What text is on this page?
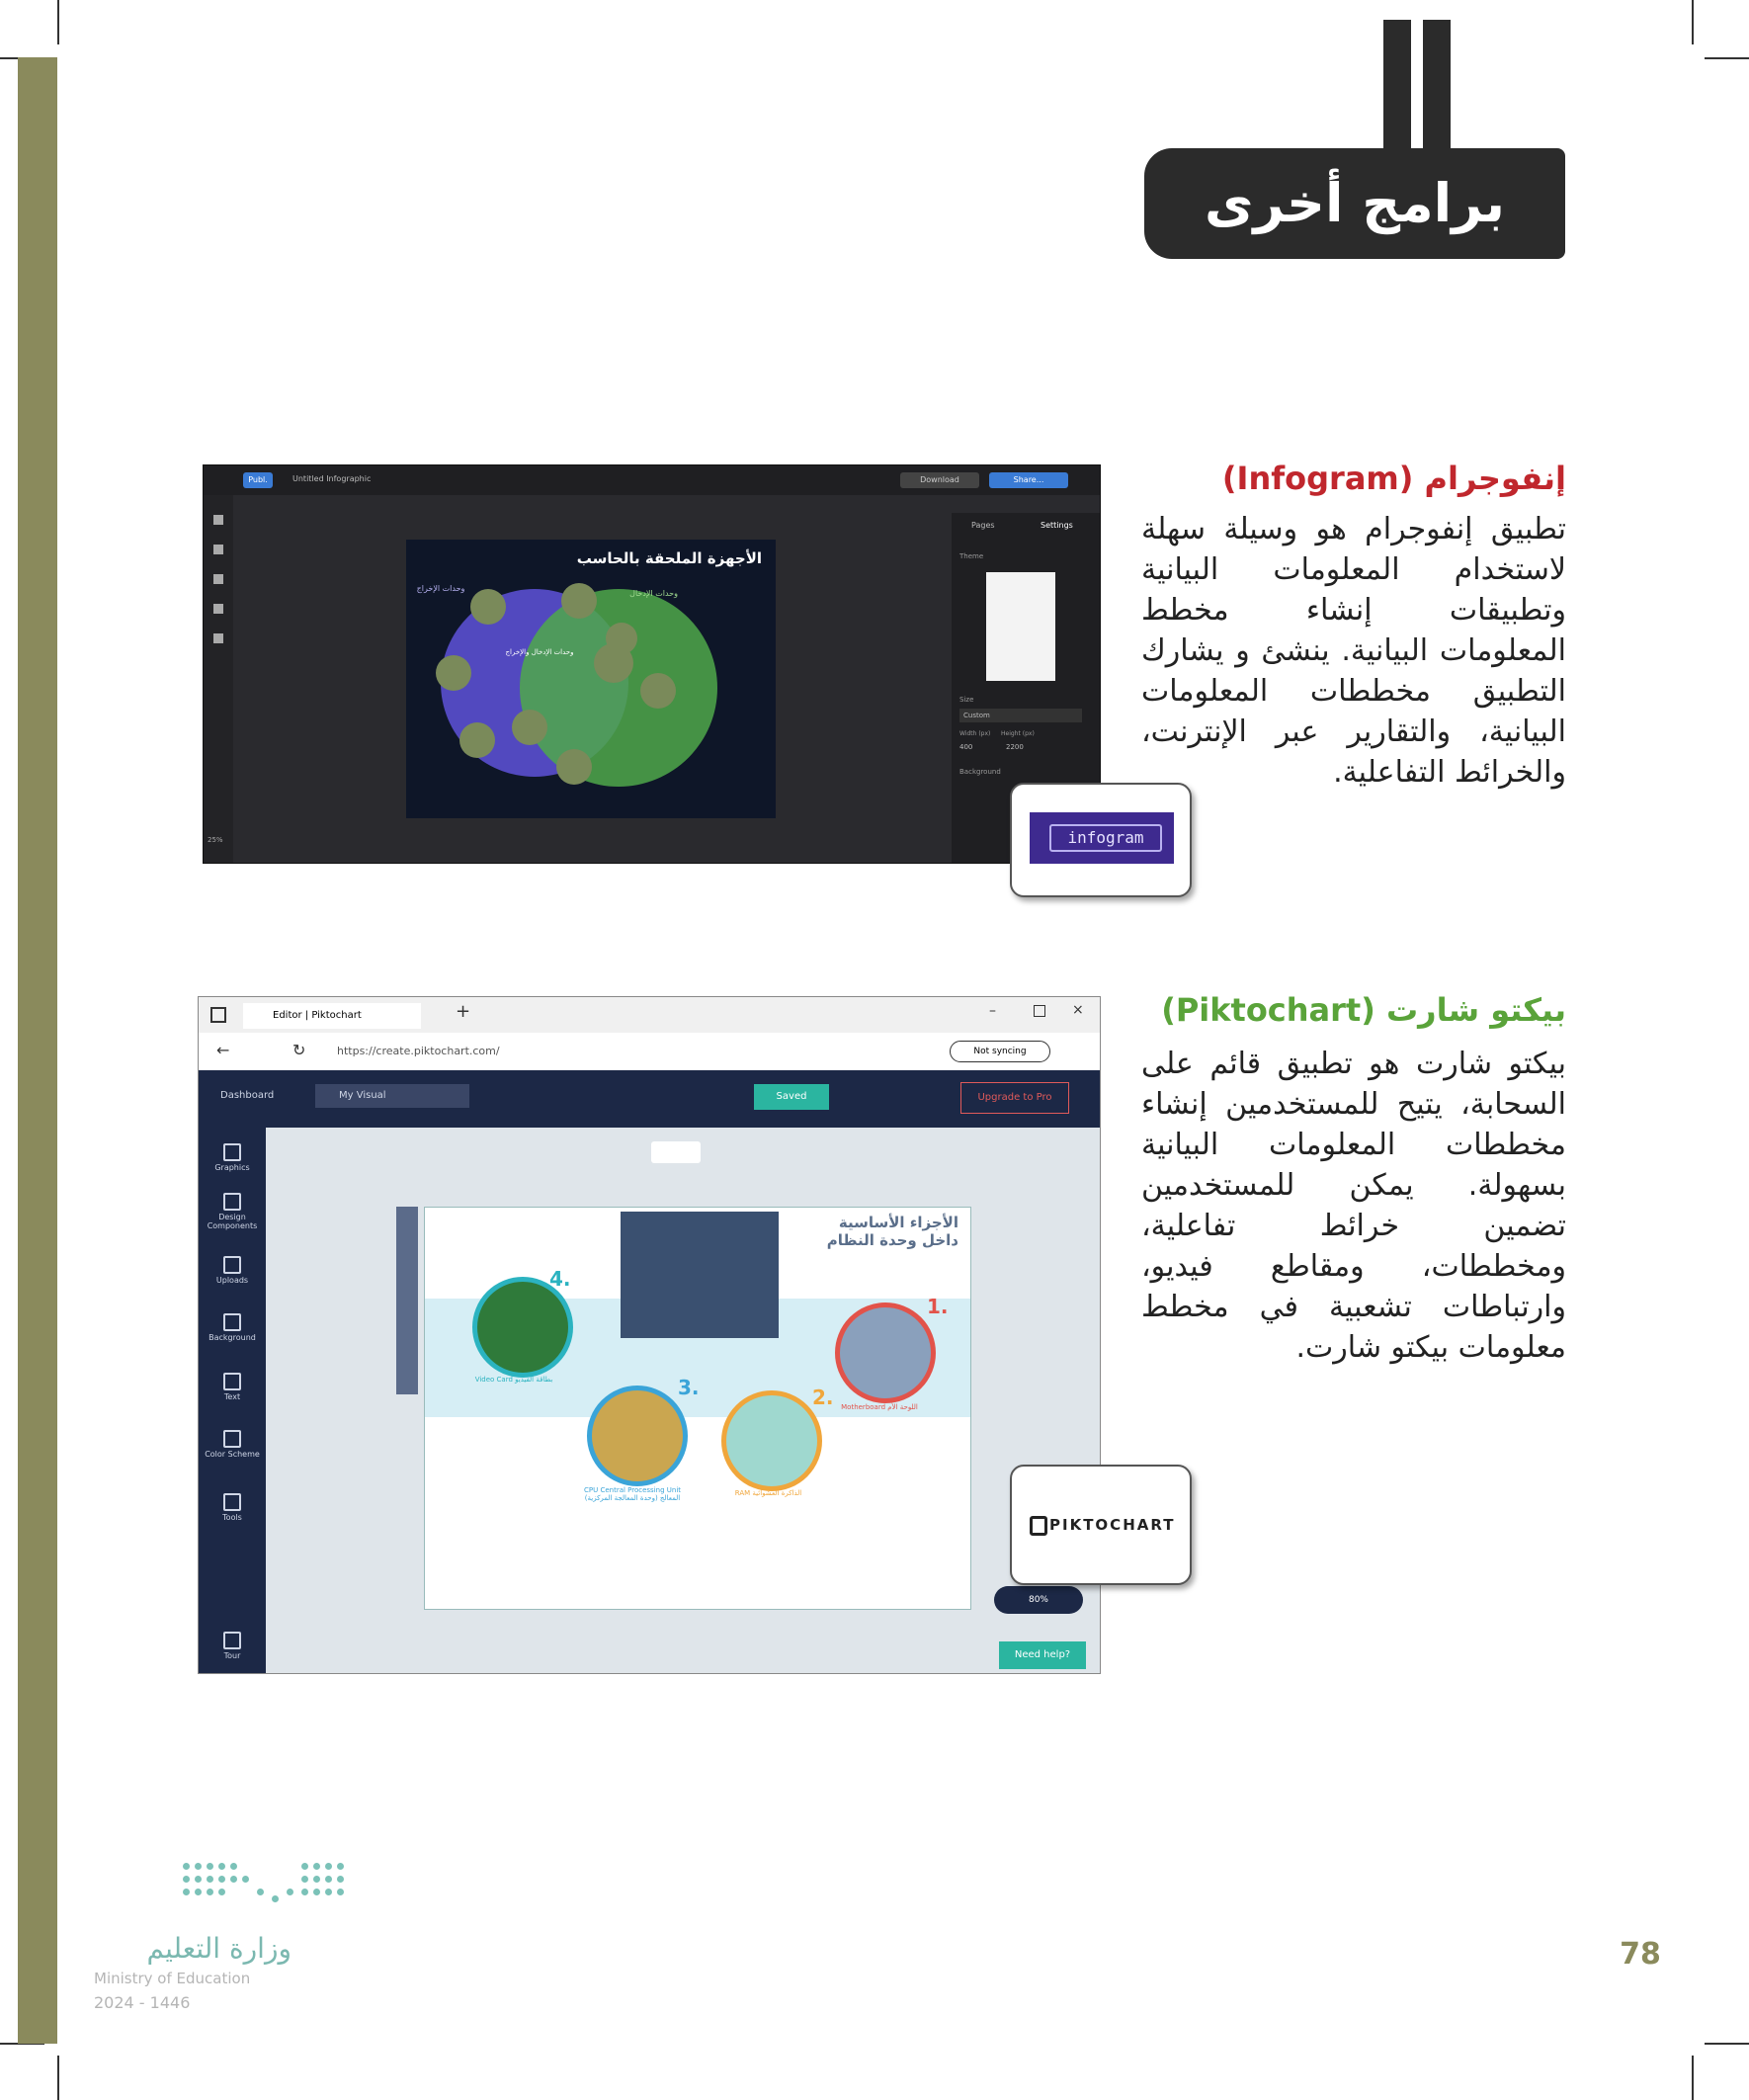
برامج أخرى
إنفوجرام (Infogram)
تطبيق إنفوجرام هو وسيلة سهلة لاستخدام المعلومات البيانية وتطبيقات إنشاء مخطط المعلومات البيانية. ينشئ و يشارك التطبيق مخططات المعلومات البيانية، والتقارير عبر الإنترنت، والخرائط التفاعلية.
Publ.	Untitled Infographic	Download	Share...
25%
Pages	Settings
Theme
Size
Custom
Width (px) Height (px)
400	2200
Background
الأجهزة الملحقة بالحاسب
وحدات الإدخال
وحدات الإخراج
وحدات الإدخال والإخراج
infogram
بيكتو شارت (Piktochart)
بيكتو شارت هو تطبيق قائم على السحابة، يتيح للمستخدمين إنشاء مخططات المعلومات البيانية بسهولة. يمكن للمستخدمين تضمين خرائط تفاعلية، ومخططات، ومقاطع فيديو، وارتباطات تشعبية في مخطط معلومات بيكتو شارت.
Editor | Piktochart	+	–	×
←	↻	https://create.piktochart.com/	Not syncing
Dashboard	My Visual	Saved	Upgrade to Pro
Graphics
Design Components
Uploads
Background
Text
Color Scheme
Tools
Tour
الأجزاء الأساسية داخل وحدة النظام
1.
2.
3.
4.
Motherboard اللوحة الأم
RAM الذاكرة العشوائية
CPU Central Processing Unit المعالج (وحدة المعالجة المركزية)
Video Card بطاقة الفيديو
80%
Need help?
PIKTOCHART
وزارة التعليم
Ministry of Education
2024 - 1446
78
